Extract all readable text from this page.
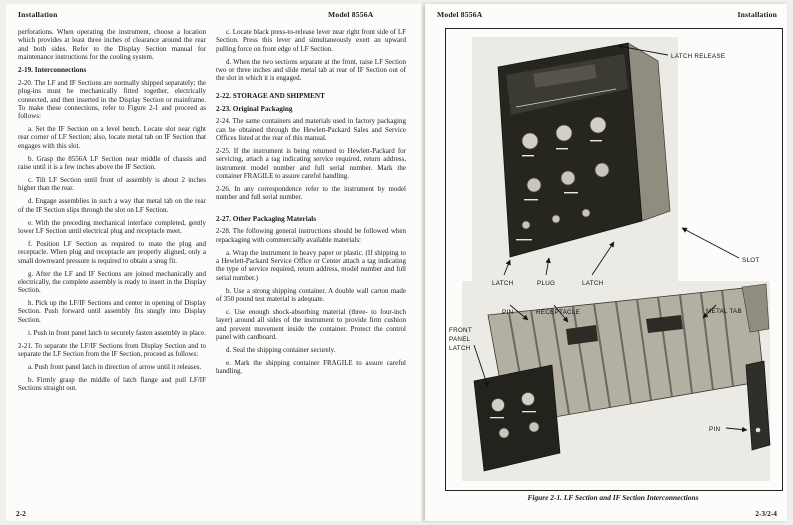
Installation	Model 8556A

perforations. When operating the instrument, choose a location which provides at least three inches of clearance around the rear and both sides. Refer to the Display Section manual for maintenance instructions for the cooling system.

2-19. Interconnections

2-20. The LF and IF Sections are normally shipped separately; the plug-ins must be mechanically fitted together, electrically connected, and then inserted in the Display Section or mainframe. To make these connections, refer to Figure 2-1 and proceed as follows:

a. Set the IF Section on a level bench. Locate slot near right rear corner of LF Section; also, locate metal tab on IF Section that engages with this slot.

b. Grasp the 8556A LF Section near middle of chassis and raise until it is a few inches above the IF Section.

c. Tilt LF Section until front of assembly is about 2 inches higher than the rear.

d. Engage assemblies in such a way that metal tab on the rear of the IF Section slips through the slot on LF Section.

e. With the preceding mechanical interface completed, gently lower LF Section until electrical plug and receptacle meet.

f. Position LF Section as required to mate the plug and receptacle. When plug and receptacle are properly aligned, only a small downward pressure is required to obtain a snug fit.

g. After the LF and IF Sections are joined mechanically and electrically, the complete assembly is ready to insert in the Display Section.

h. Pick up the LF/IF Sections and center in opening of Display Section. Push forward until assembly fits snugly into Display Section.

i. Push in front panel latch to securely fasten assembly in place.

2-21. To separate the LF/IF Sections from Display Section and to separate the LF Section from the IF Section, proceed as follows:

a. Push front panel latch in direction of arrow until it releases.

b. Firmly grasp the middle of latch flange and pull LF/IF Sections straight out.

c. Locate black press-to-release lever near right front side of LF Section. Press this lever and simultaneously exert an upward pulling force on front edge of LF Section.

d. When the two sections separate at the front, raise LF Section two or three inches and slide metal tab at rear of IF Section out of the slot in which it is engaged.

2-22. STORAGE AND SHIPMENT

2-23. Original Packaging

2-24. The same containers and materials used in factory packaging can be obtained through the Hewlett-Packard Sales and Service Offices listed at the rear of this manual.

2-25. If the instrument is being returned to Hewlett-Packard for servicing, attach a tag indicating service required, return address, instrument model number and full serial number. Mark the container FRAGILE to assure careful handling.

2-26. In any correspondence refer to the instrument by model number and full serial number.

2-27. Other Packaging Materials

2-28. The following general instructions should be followed when repackaging with commercially available materials:

a. Wrap the instrument in heavy paper or plastic. (If shipping to a Hewlett-Packard Service Office or Center attach a tag indicating the type of service required, return address, model number and full serial number.)

b. Use a strong shipping container. A double wall carton made of 350 pound test material is adequate.

c. Use enough shock-absorbing material (three- to four-inch layer) around all sides of the instrument to provide firm cushion and prevent movement inside the container. Protect the control panel with cardboard.

d. Seal the shipping container securely.

e. Mark the shipping container FRAGILE to assure careful handling.

2-2
Model 8556A	Installation
LATCH RELEASE
LATCH	PLUG	LATCH
SLOT
PIN	RECEPTACLE	METAL TAB
FRONT
PANEL
LATCH
PIN
Figure 2-1. LF Section and IF Section Interconnections
2-3/2-4
